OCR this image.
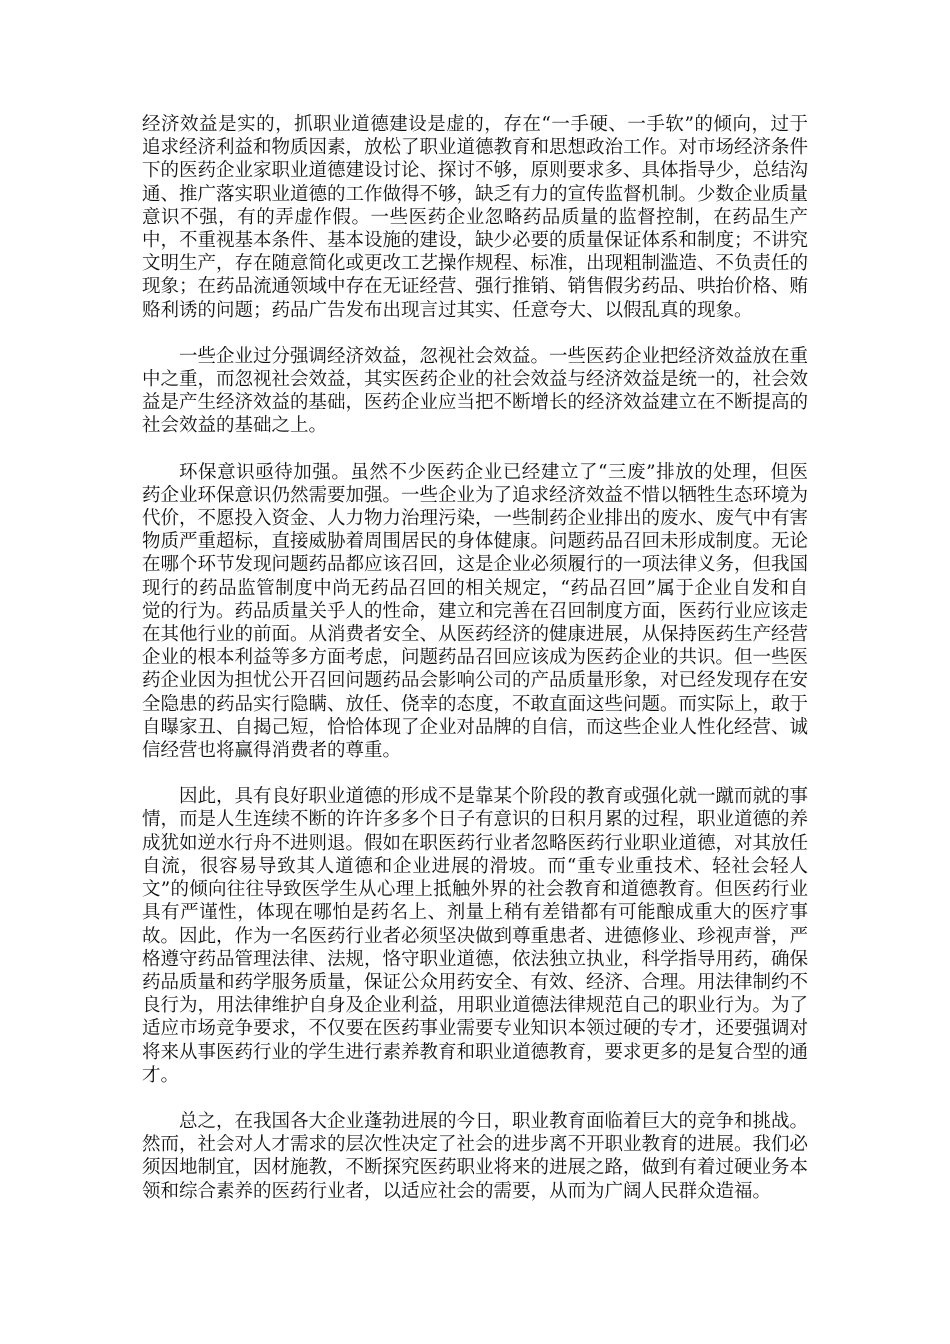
经济效益是实的，抓职业道德建设是虚的，存在“一手硬、一手软”的倾向，过于追求经济利益和物质因素，放松了职业道德教育和思想政治工作。对市场经济条件下的医药企业家职业道德建设讨论、探讨不够，原则要求多、具体指导少，总结沟通、推广落实职业道德的工作做得不够，缺乏有力的宣传监督机制。少数企业质量意识不强，有的弄虚作假。一些医药企业忽略药品质量的监督控制，在药品生产中，不重视基本条件、基本设施的建设，缺少必要的质量保证体系和制度；不讲究文明生产，存在随意简化或更改工艺操作规程、标准，出现粗制滥造、不负责任的现象；在药品流通领域中存在无证经营、强行推销、销售假劣药品、哄抬价格、贿赂利诱的问题；药品广告发布出现言过其实、任意夸大、以假乱真的现象。

一些企业过分强调经济效益，忽视社会效益。一些医药企业把经济效益放在重中之重，而忽视社会效益，其实医药企业的社会效益与经济效益是统一的，社会效益是产生经济效益的基础，医药企业应当把不断增长的经济效益建立在不断提高的社会效益的基础之上。

环保意识亟待加强。虽然不少医药企业已经建立了“三废”排放的处理，但医药企业环保意识仍然需要加强。一些企业为了追求经济效益不惜以牺牲生态环境为代价，不愿投入资金、人力物力治理污染，一些制药企业排出的废水、废气中有害物质严重超标，直接威胁着周围居民的身体健康。问题药品召回未形成制度。无论在哪个环节发现问题药品都应该召回，这是企业必须履行的一项法律义务，但我国现行的药品监管制度中尚无药品召回的相关规定，“药品召回”属于企业自发和自觉的行为。药品质量关乎人的性命，建立和完善在召回制度方面，医药行业应该走在其他行业的前面。从消费者安全、从医药经济的健康进展，从保持医药生产经营企业的根本利益等多方面考虑，问题药品召回应该成为医药企业的共识。但一些医药企业因为担忧公开召回问题药品会影响公司的产品质量形象，对已经发现存在安全隐患的药品实行隐瞒、放任、侥幸的态度，不敢直面这些问题。而实际上，敢于自曝家丑、自揭己短，恰恰体现了企业对品牌的自信，而这些企业人性化经营、诚信经营也将赢得消费者的尊重。

因此，具有良好职业道德的形成不是靠某个阶段的教育或强化就一蹴而就的事情，而是人生连续不断的许许多多个日子有意识的日积月累的过程，职业道德的养成犹如逆水行舟不进则退。假如在职医药行业者忽略医药行业职业道德，对其放任自流，很容易导致其人道德和企业进展的滑坡。而“重专业重技术、轻社会轻人文”的倾向往往导致医学生从心理上抵触外界的社会教育和道德教育。但医药行业具有严谨性，体现在哪怕是药名上、剂量上稍有差错都有可能酿成重大的医疗事故。因此，作为一名医药行业者必须坚决做到尊重患者、进德修业、珍视声誉，严格遵守药品管理法律、法规，恪守职业道德，依法独立执业，科学指导用药，确保药品质量和药学服务质量，保证公众用药安全、有效、经济、合理。用法律制约不良行为，用法律维护自身及企业利益，用职业道德法律规范自己的职业行为。为了适应市场竞争要求，不仅要在医药事业需要专业知识本领过硬的专才，还要强调对将来从事医药行业的学生进行素养教育和职业道德教育，要求更多的是复合型的通才。

总之，在我国各大企业蓬勃进展的今日，职业教育面临着巨大的竞争和挑战。然而，社会对人才需求的层次性决定了社会的进步离不开职业教育的进展。我们必须因地制宜，因材施教，不断探究医药职业将来的进展之路，做到有着过硬业务本领和综合素养的医药行业者，以适应社会的需要，从而为广阔人民群众造福。
